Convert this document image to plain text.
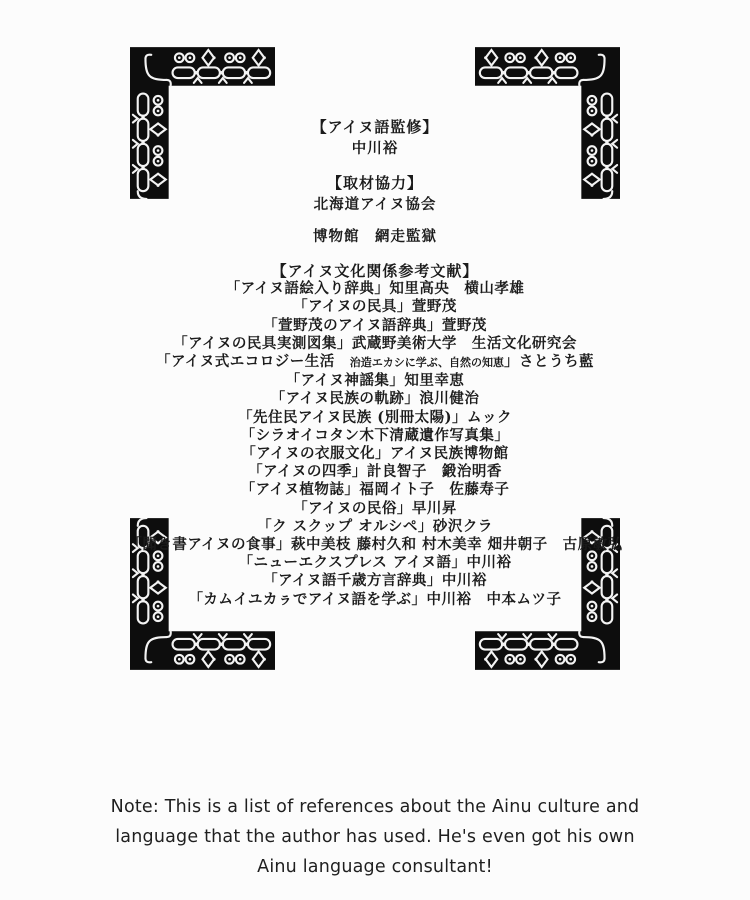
【アイヌ語監修】
中川裕
【取材協力】
北海道アイヌ協会
博物館　網走監獄
【アイヌ文化関係参考文献】
「アイヌ語絵入り辞典」知里高央　横山孝雄
「アイヌの民具」萱野茂
「萱野茂のアイヌ語辞典」萱野茂
「アイヌの民具実測図集」武蔵野美術大学　生活文化研究会
「アイヌ式エコロジー生活　治造エカシに学ぶ、自然の知恵」さとうち藍
「アイヌ神謡集」知里幸恵
「アイヌ民族の軌跡」浪川健治
「先住民アイヌ民族 (別冊太陽)」ムック
「シラオイコタン木下清蔵遺作写真集」
「アイヌの衣服文化」アイヌ民族博物館
「アイヌの四季」計良智子　鍛治明香
「アイヌ植物誌」福岡イト子　佐藤寿子
「アイヌの民俗」早川昇
「ク スクップ オルシペ」砂沢クラ
「聞き書アイヌの食事」萩中美枝 藤村久和 村木美幸 畑井朝子　古原敏弘
「ニューエクスプレス アイヌ語」中川裕
「アイヌ語千歳方言辞典」中川裕
「カムイユカㇻでアイヌ語を学ぶ」中川裕　中本ムツ子
Note: This is a list of references about the Ainu culture and
language that the author has used. He's even got his own
Ainu language consultant!
